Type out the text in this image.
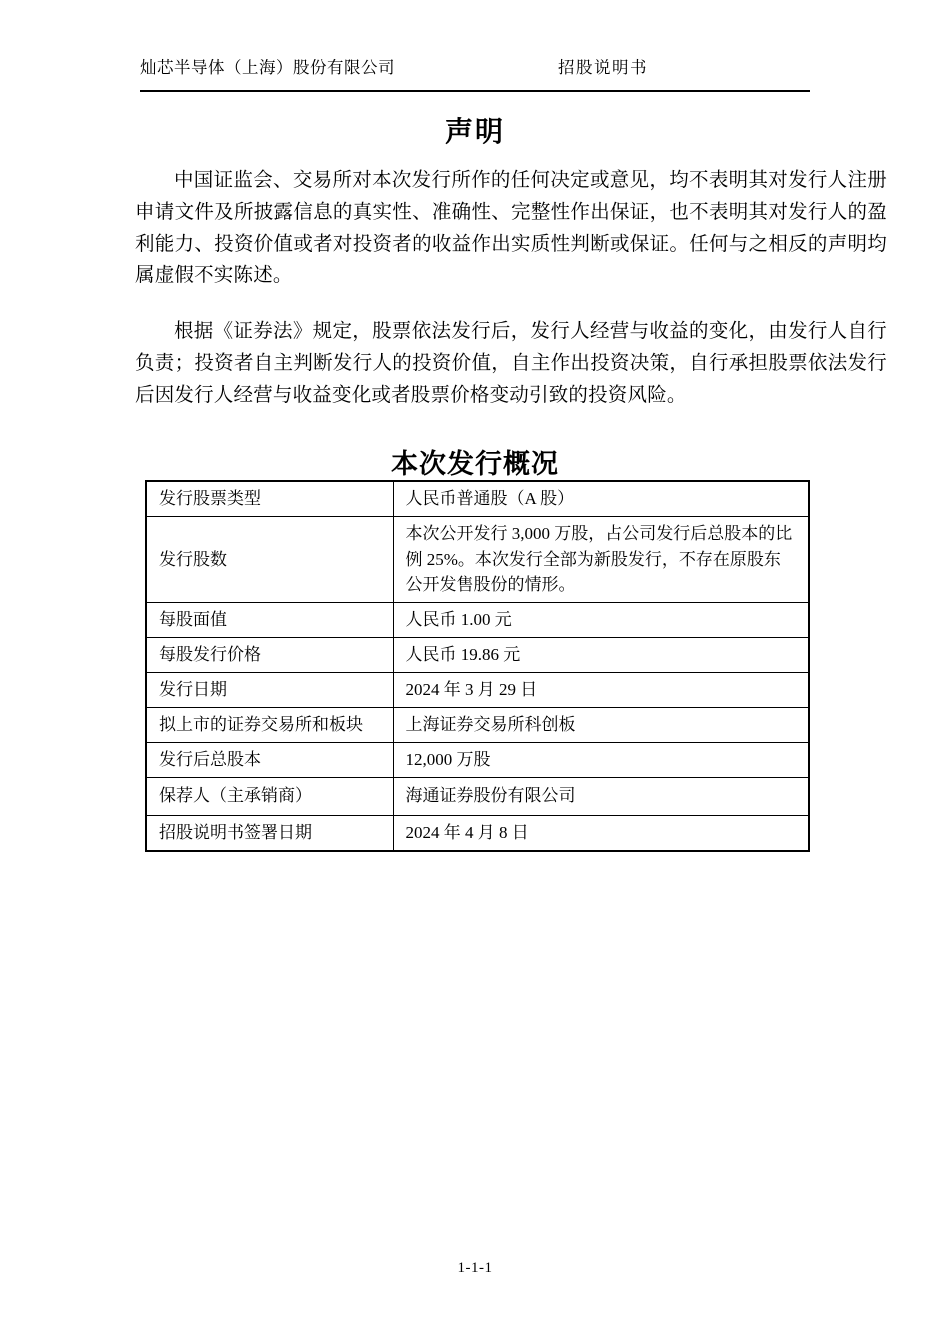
灿芯半导体（上海）股份有限公司	招股说明书
声明
中国证监会、交易所对本次发行所作的任何决定或意见，均不表明其对发行人注册申请文件及所披露信息的真实性、准确性、完整性作出保证，也不表明其对发行人的盈利能力、投资价值或者对投资者的收益作出实质性判断或保证。任何与之相反的声明均属虚假不实陈述。
根据《证券法》规定，股票依法发行后，发行人经营与收益的变化，由发行人自行负责；投资者自主判断发行人的投资价值，自主作出投资决策，自行承担股票依法发行后因发行人经营与收益变化或者股票价格变动引致的投资风险。
本次发行概况
发行股票类型	人民币普通股（A 股）
发行股数	本次公开发行 3,000 万股，占公司发行后总股本的比例 25%。本次发行全部为新股发行，不存在原股东公开发售股份的情形。
每股面值	人民币 1.00 元
每股发行价格	人民币 19.86 元
发行日期	2024 年 3 月 29 日
拟上市的证券交易所和板块	上海证券交易所科创板
发行后总股本	12,000 万股
保荐人（主承销商）	海通证券股份有限公司
招股说明书签署日期	2024 年 4 月 8 日
1-1-1
